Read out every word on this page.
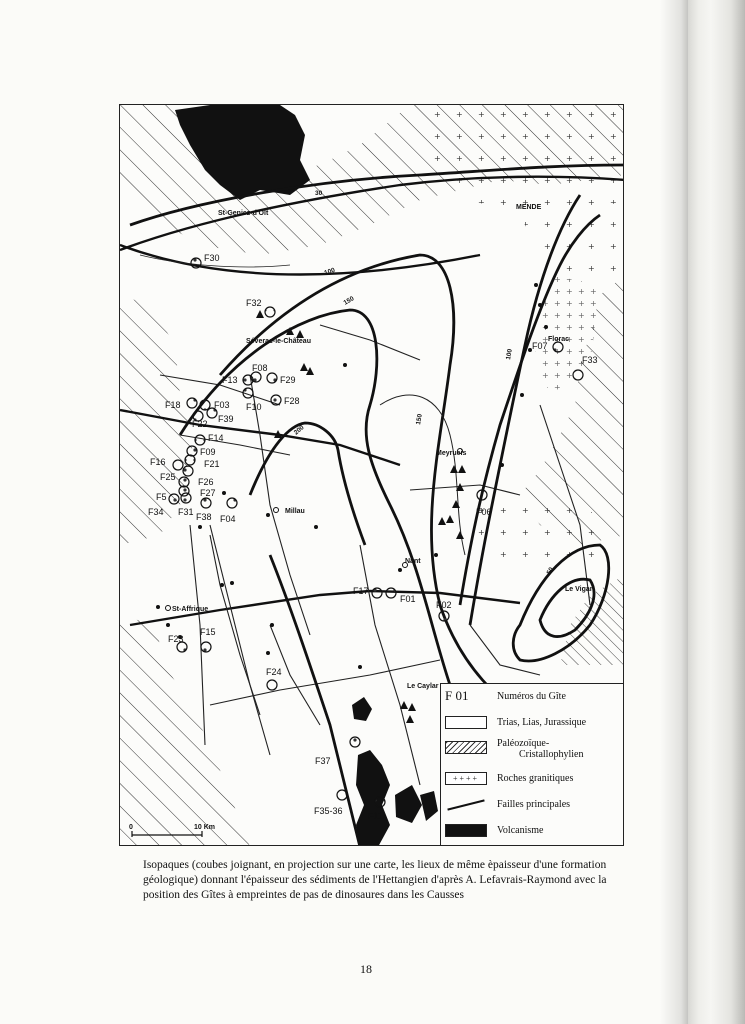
30
100
150
200
150
100
50
St-Geniez-d'Olt
MENDE
Séverac-le-Château
Millau
Meyrueis
Nant
St-Affrique
Le Caylar
Le Vigan
Florac
F30
F32
F08
F13	F29
F10
F28
F18	F03
F22 F39
F14
F09
F16	F21
F26
F25
F27
F5
F34 F31 F38 F04
F07
F33
F06
F17
F01
F02
F23
F15
F24
F37
F35-36	F11
0	10 Km
F 01	Numéros du Gîte
Trias, Lias, Jurassique
Paléozoïque-
Cristallophylien
++++	Roches granitiques
Failles principales
Volcanisme
Isopaques (coubes joignant, en projection sur une carte, les lieux de même èpaisseur d'une formation géologique) donnant l'épaisseur des sédiments de l'Hettangien d'après A. Lefavrais-Raymond avec la position des Gîtes à empreintes de pas de dinosaures dans les Causses
18
